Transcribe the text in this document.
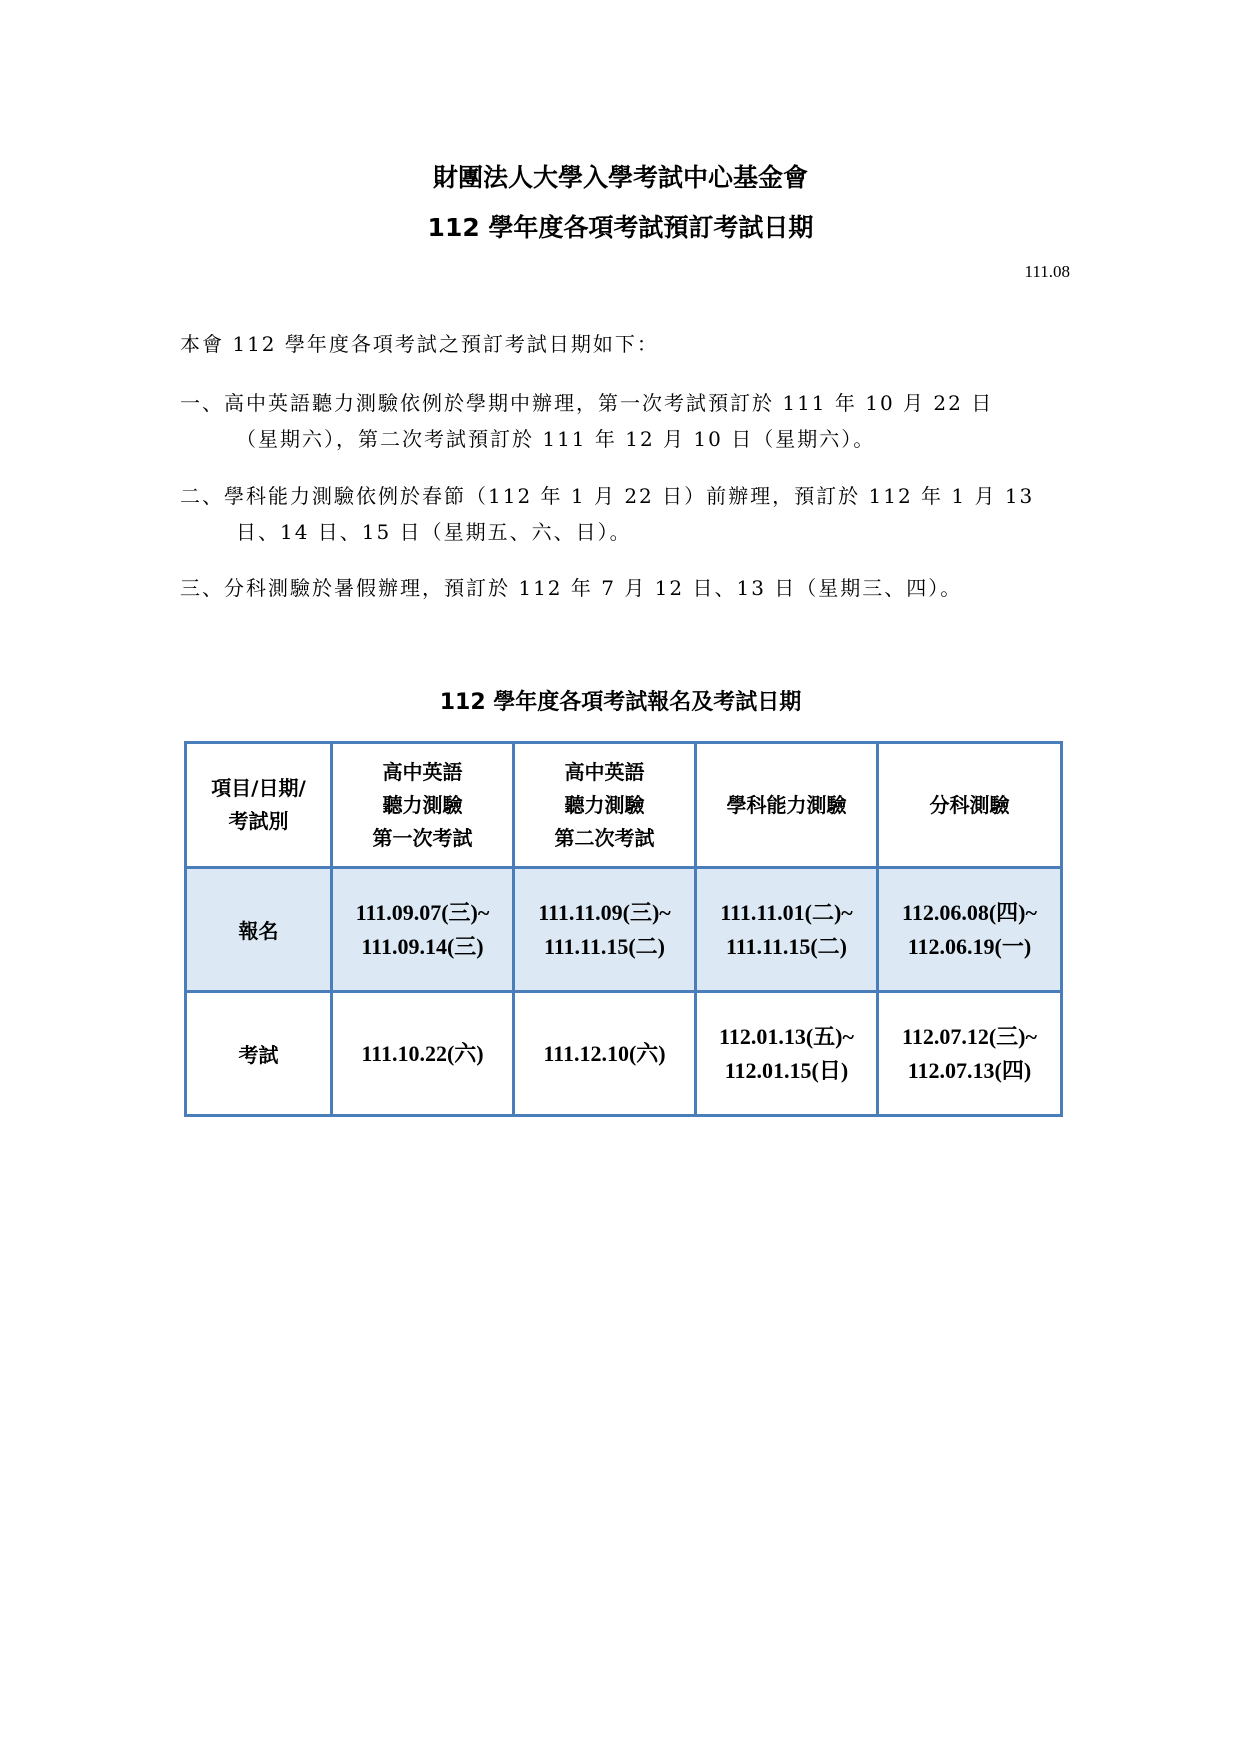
財團法人大學入學考試中心基金會
112 學年度各項考試預訂考試日期
111.08
本會 112 學年度各項考試之預訂考試日期如下：
一、高中英語聽力測驗依例於學期中辦理，第一次考試預訂於 111 年 10 月 22 日
（星期六），第二次考試預訂於 111 年 12 月 10 日（星期六）。
二、學科能力測驗依例於春節（112 年 1 月 22 日）前辦理，預訂於 112 年 1 月 13
日、14 日、15 日（星期五、六、日）。
三、分科測驗於暑假辦理，預訂於 112 年 7 月 12 日、13 日（星期三、四）。
112 學年度各項考試報名及考試日期
項目/日期/
考試別	高中英語
聽力測驗
第一次考試	高中英語
聽力測驗
第二次考試	學科能力測驗	分科測驗

報名	111.09.07(三)~
111.09.14(三)	111.11.09(三)~
111.11.15(二)	111.11.01(二)~
111.11.15(二)	112.06.08(四)~
112.06.19(一)

考試	111.10.22(六)	111.12.10(六)	112.01.13(五)~
112.01.15(日)	112.07.12(三)~
112.07.13(四)
